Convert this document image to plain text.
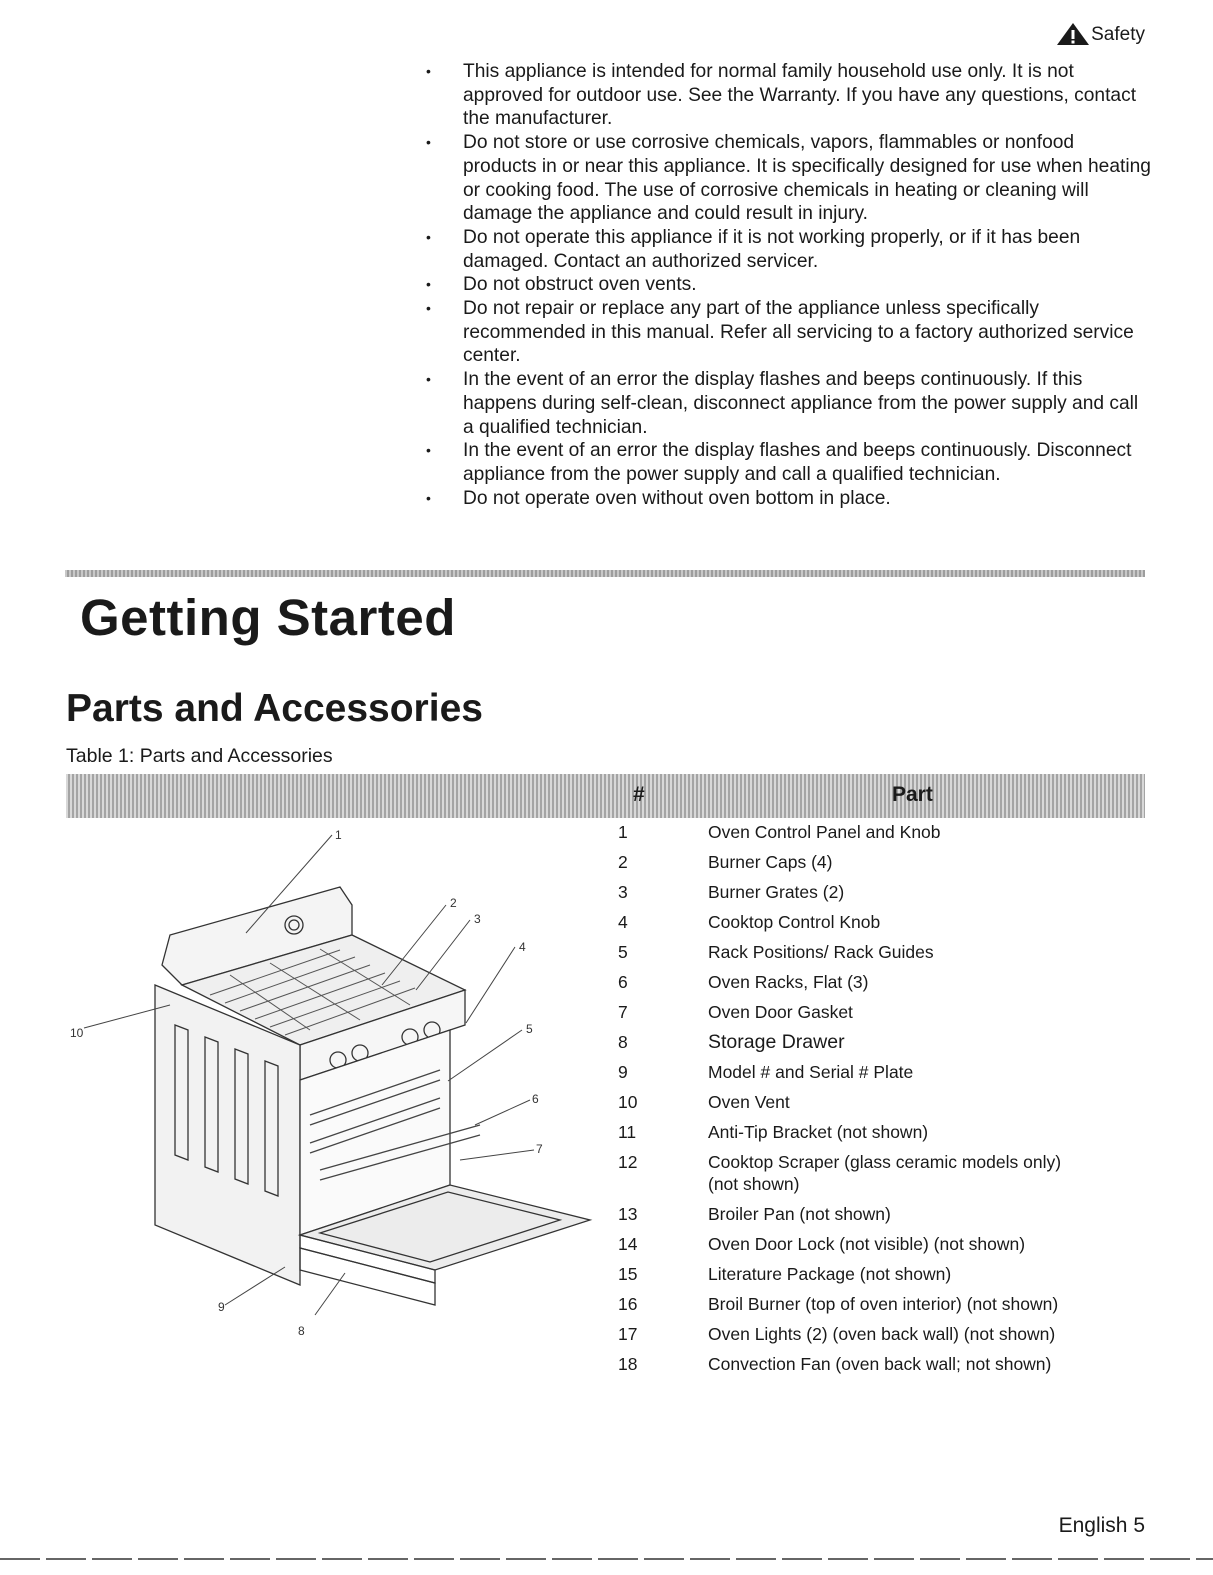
Safety
• This appliance is intended for normal family household use only. It is not approved for outdoor use. See the Warranty. If you have any questions, contact the manufacturer.
• Do not store or use corrosive chemicals, vapors, flammables or nonfood products in or near this appliance. It is specifically designed for use when heating or cooking food. The use of corrosive chemicals in heating or cleaning will damage the appliance and could result in injury.
• Do not operate this appliance if it is not working properly, or if it has been damaged. Contact an authorized servicer.
• Do not obstruct oven vents.
• Do not repair or replace any part of the appliance unless specifically recommended in this manual. Refer all servicing to a factory authorized service center.
• In the event of an error the display flashes and beeps continuously. If this happens during self-clean, disconnect appliance from the power supply and call a qualified technician.
• In the event of an error the display flashes and beeps continuously. Disconnect appliance from the power supply and call a qualified technician.
• Do not operate oven without oven bottom in place.
Getting Started
Parts and Accessories
Table 1: Parts and Accessories
#	Part
1
2
3
4
5
6
7
8
9
10
1	Oven Control Panel and Knob
2	Burner Caps (4)
3	Burner Grates (2)
4	Cooktop Control Knob
5	Rack Positions/ Rack Guides
6	Oven Racks, Flat (3)
7	Oven Door Gasket
8	Storage Drawer
9	Model # and Serial # Plate
10	Oven Vent
11	Anti-Tip Bracket (not shown)
12	Cooktop Scraper (glass ceramic models only) (not shown)
13	Broiler Pan (not shown)
14	Oven Door Lock (not visible) (not shown)
15	Literature Package (not shown)
16	Broil Burner (top of oven interior) (not shown)
17	Oven Lights (2) (oven back wall) (not shown)
18	Convection Fan (oven back wall; not shown)
English 5
